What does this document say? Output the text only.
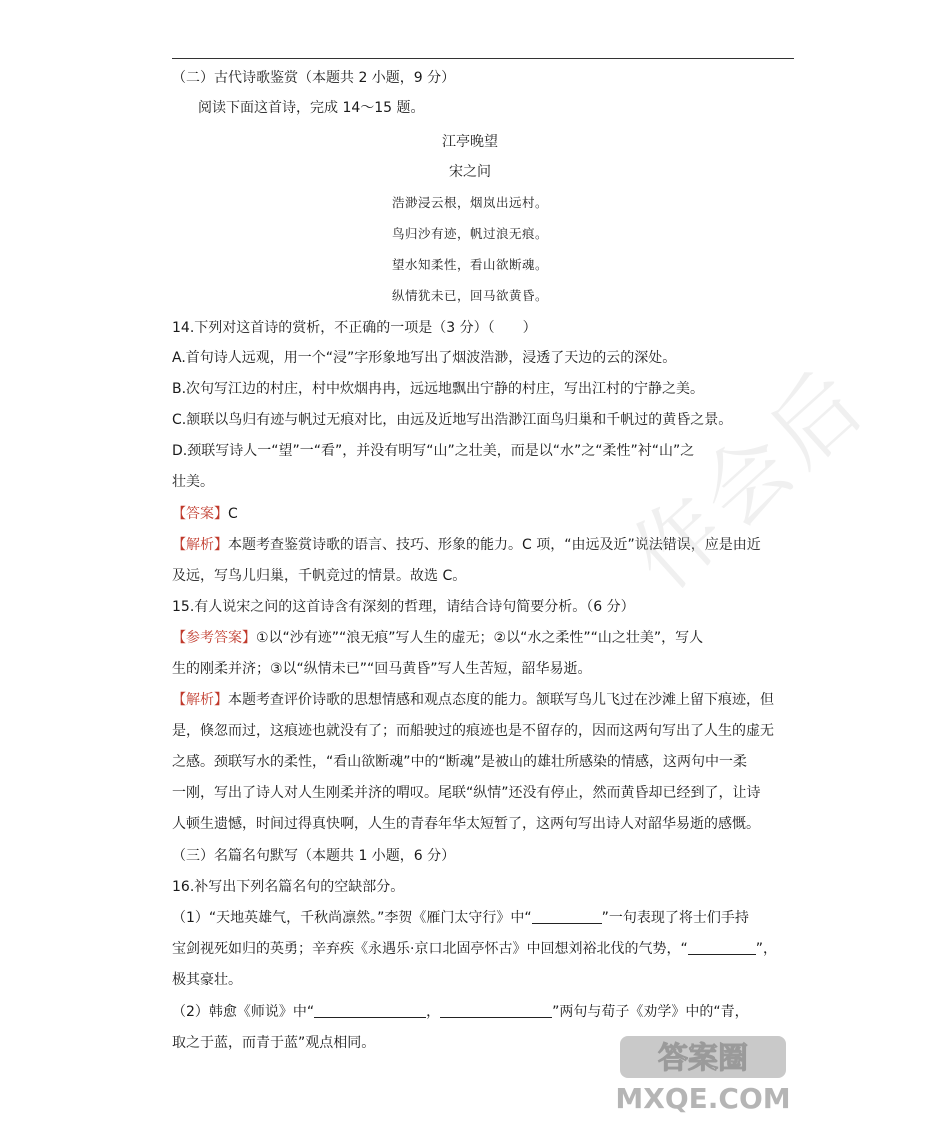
（二）古代诗歌鉴赏（本题共 2 小题，9 分）
阅读下面这首诗，完成 14～15 题。
江亭晚望
宋之问
浩渺浸云根，烟岚出远村。
鸟归沙有迹，帆过浪无痕。
望水知柔性，看山欲断魂。
纵情犹未已，回马欲黄昏。
14.下列对这首诗的赏析，不正确的一项是（3 分）（　　）
A.首句诗人远观，用一个“浸”字形象地写出了烟波浩渺，浸透了天边的云的深处。
B.次句写江边的村庄，村中炊烟冉冉，远远地飘出宁静的村庄，写出江村的宁静之美。
C.颔联以鸟归有迹与帆过无痕对比，由远及近地写出浩渺江面鸟归巢和千帆过的黄昏之景。
D.颈联写诗人一“望”一“看”，并没有明写“山”之壮美，而是以“水”之“柔性”衬“山”之
壮美。
【答案】C
【解析】本题考查鉴赏诗歌的语言、技巧、形象的能力。C 项，“由远及近”说法错误，应是由近
及远，写鸟儿归巢，千帆竞过的情景。故选 C。
15.有人说宋之问的这首诗含有深刻的哲理，请结合诗句简要分析。（6 分）
【参考答案】①以“沙有迹”“浪无痕”写人生的虚无；②以“水之柔性”“山之壮美”，写人
生的刚柔并济；③以“纵情未已”“回马黄昏”写人生苦短，韶华易逝。
【解析】本题考查评价诗歌的思想情感和观点态度的能力。颔联写鸟儿飞过在沙滩上留下痕迹，但
是，倏忽而过，这痕迹也就没有了；而船驶过的痕迹也是不留存的，因而这两句写出了人生的虚无
之感。颈联写水的柔性，“看山欲断魂”中的“断魂”是被山的雄壮所感染的情感，这两句中一柔
一刚，写出了诗人对人生刚柔并济的喟叹。尾联“纵情”还没有停止，然而黄昏却已经到了，让诗
人顿生遗憾，时间过得真快啊，人生的青春年华太短暂了，这两句写出诗人对韶华易逝的感慨。
（三）名篇名句默写（本题共 1 小题，6 分）
16.补写出下列名篇名句的空缺部分。
（1）“天地英雄气，千秋尚凛然。”李贺《雁门太守行》中“	”一句表现了将士们手持
宝剑视死如归的英勇；辛弃疾《永遇乐·京口北固亭怀古》中回想刘裕北伐的气势，“	”，
极其豪壮。
（2）韩愈《师说》中“	，	”两句与荀子《劝学》中的“青，
取之于蓝，而青于蓝”观点相同。
作会后
答案圈
MXQE.COM
